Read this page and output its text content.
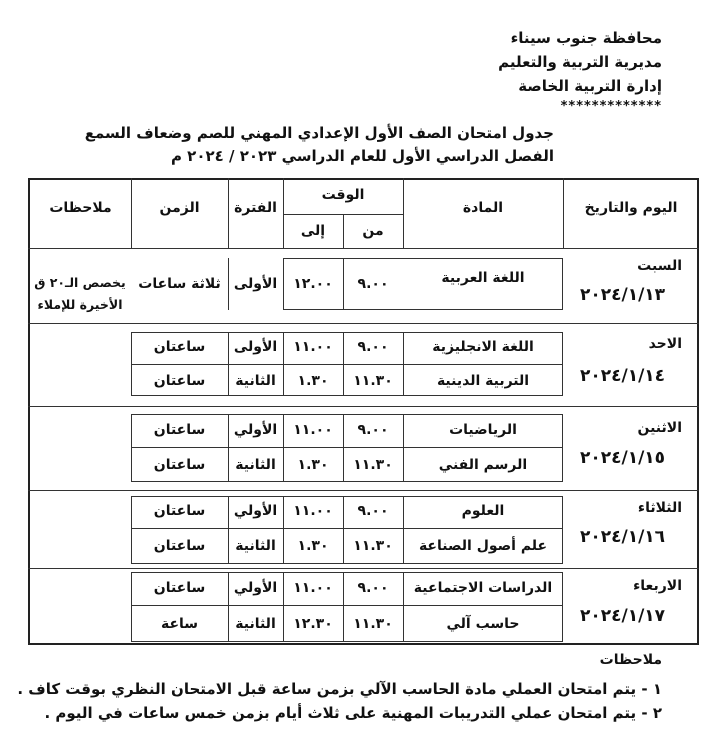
محافظة جنوب سيناء
مديرية التربية والتعليم
إدارة التربية الخاصة
*************
جدول امتحان الصف الأول الإعدادي المهني للصم وضعاف السمع
الفصل الدراسي الأول للعام الدراسي ٢٠٢٣ / ٢٠٢٤ م
اليوم والتاريخ
المادة
الوقت
من
إلى
الفترة
الزمن
ملاحظات
السبت
٢٠٢٤/١/١٣
اللغة العربية
٩.٠٠
١٢.٠٠
الأولى
ثلاثة ساعات
يخصص الـ٢٠ ق
الأخيرة للإملاء
الاحد
٢٠٢٤/١/١٤
اللغة الانجليزية
٩.٠٠
١١.٠٠
الأولى
ساعتان
التربية الدينية
١١.٣٠
١.٣٠
الثانية
ساعتان
الاثنين
٢٠٢٤/١/١٥
الرياضيات
٩.٠٠
١١.٠٠
الأولي
ساعتان
الرسم الفني
١١.٣٠
١.٣٠
الثانية
ساعتان
الثلاثاء
٢٠٢٤/١/١٦
العلوم
٩.٠٠
١١.٠٠
الأولي
ساعتان
علم أصول الصناعة
١١.٣٠
١.٣٠
الثانية
ساعتان
الاربعاء
٢٠٢٤/١/١٧
الدراسات الاجتماعية
٩.٠٠
١١.٠٠
الأولي
ساعتان
حاسب آلي
١١.٣٠
١٢.٣٠
الثانية
ساعة
ملاحظات
١ - يتم امتحان العملي مادة الحاسب الآلي بزمن ساعة قبل الامتحان النظري بوقت كاف .
٢ - يتم امتحان عملي التدريبات المهنية على ثلاث أيام بزمن خمس ساعات في اليوم .
